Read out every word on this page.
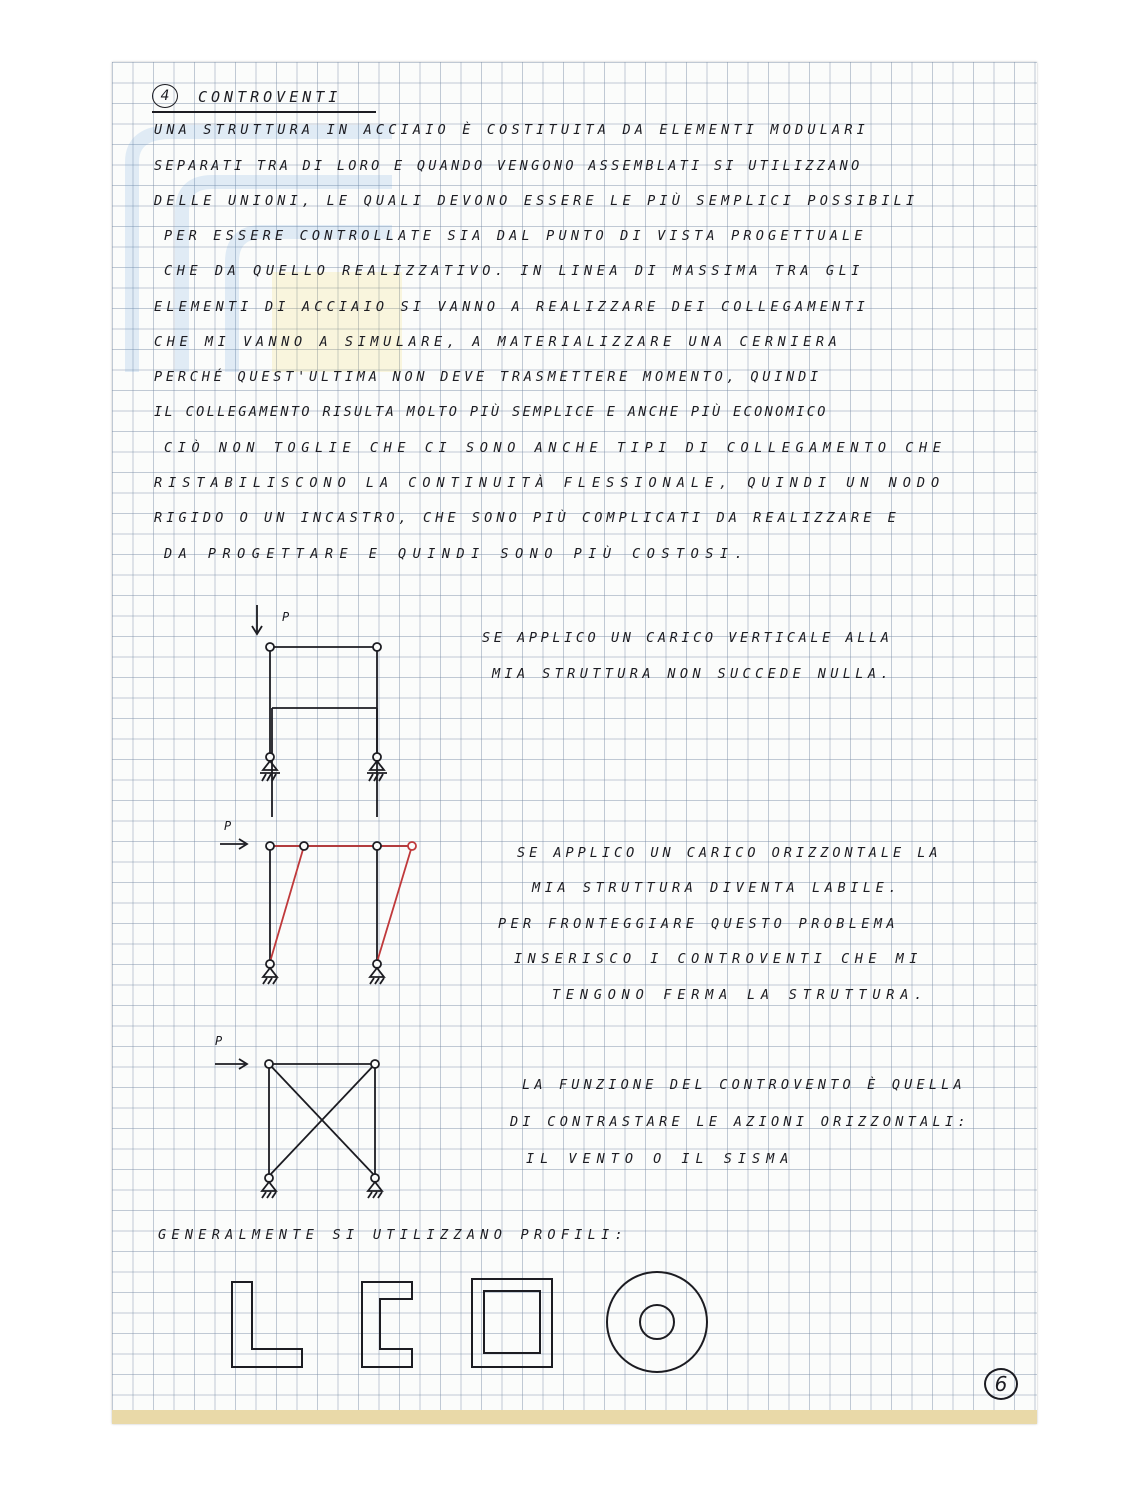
4 CONTROVENTI

UNA STRUTTURA IN ACCIAIO È COSTITUITA DA ELEMENTI MODULARI

SEPARATI TRA DI LORO E QUANDO VENGONO ASSEMBLATI SI UTILIZZANO

DELLE UNIONI, LE QUALI DEVONO ESSERE LE PIÙ SEMPLICI POSSIBILI

PER ESSERE CONTROLLATE SIA DAL PUNTO DI VISTA PROGETTUALE

CHE DA QUELLO REALIZZATIVO. IN LINEA DI MASSIMA TRA GLI

ELEMENTI DI ACCIAIO SI VANNO A REALIZZARE DEI COLLEGAMENTI

CHE MI VANNO A SIMULARE, A MATERIALIZZARE UNA CERNIERA

PERCHÉ QUEST'ULTIMA NON DEVE TRASMETTERE MOMENTO, QUINDI

IL COLLEGAMENTO RISULTA MOLTO PIÙ SEMPLICE E ANCHE PIÙ ECONOMICO

CIÒ NON TOGLIE CHE CI SONO ANCHE TIPI DI COLLEGAMENTO CHE

RISTABILISCONO LA CONTINUITÀ FLESSIONALE, QUINDI UN NODO

RIGIDO O UN INCASTRO, CHE SONO PIÙ COMPLICATI DA REALIZZARE E

DA PROGETTARE E QUINDI SONO PIÙ COSTOSI.

P

SE APPLICO UN CARICO VERTICALE ALLA

MIA STRUTTURA NON SUCCEDE NULLA.

P

SE APPLICO UN CARICO ORIZZONTALE LA

MIA STRUTTURA DIVENTA LABILE.

PER FRONTEGGIARE QUESTO PROBLEMA

INSERISCO I CONTROVENTI CHE MI

TENGONO FERMA LA STRUTTURA.

P

LA FUNZIONE DEL CONTROVENTO È QUELLA

DI CONTRASTARE LE AZIONI ORIZZONTALI:

IL VENTO O IL SISMA

GENERALMENTE SI UTILIZZANO PROFILI:

6
